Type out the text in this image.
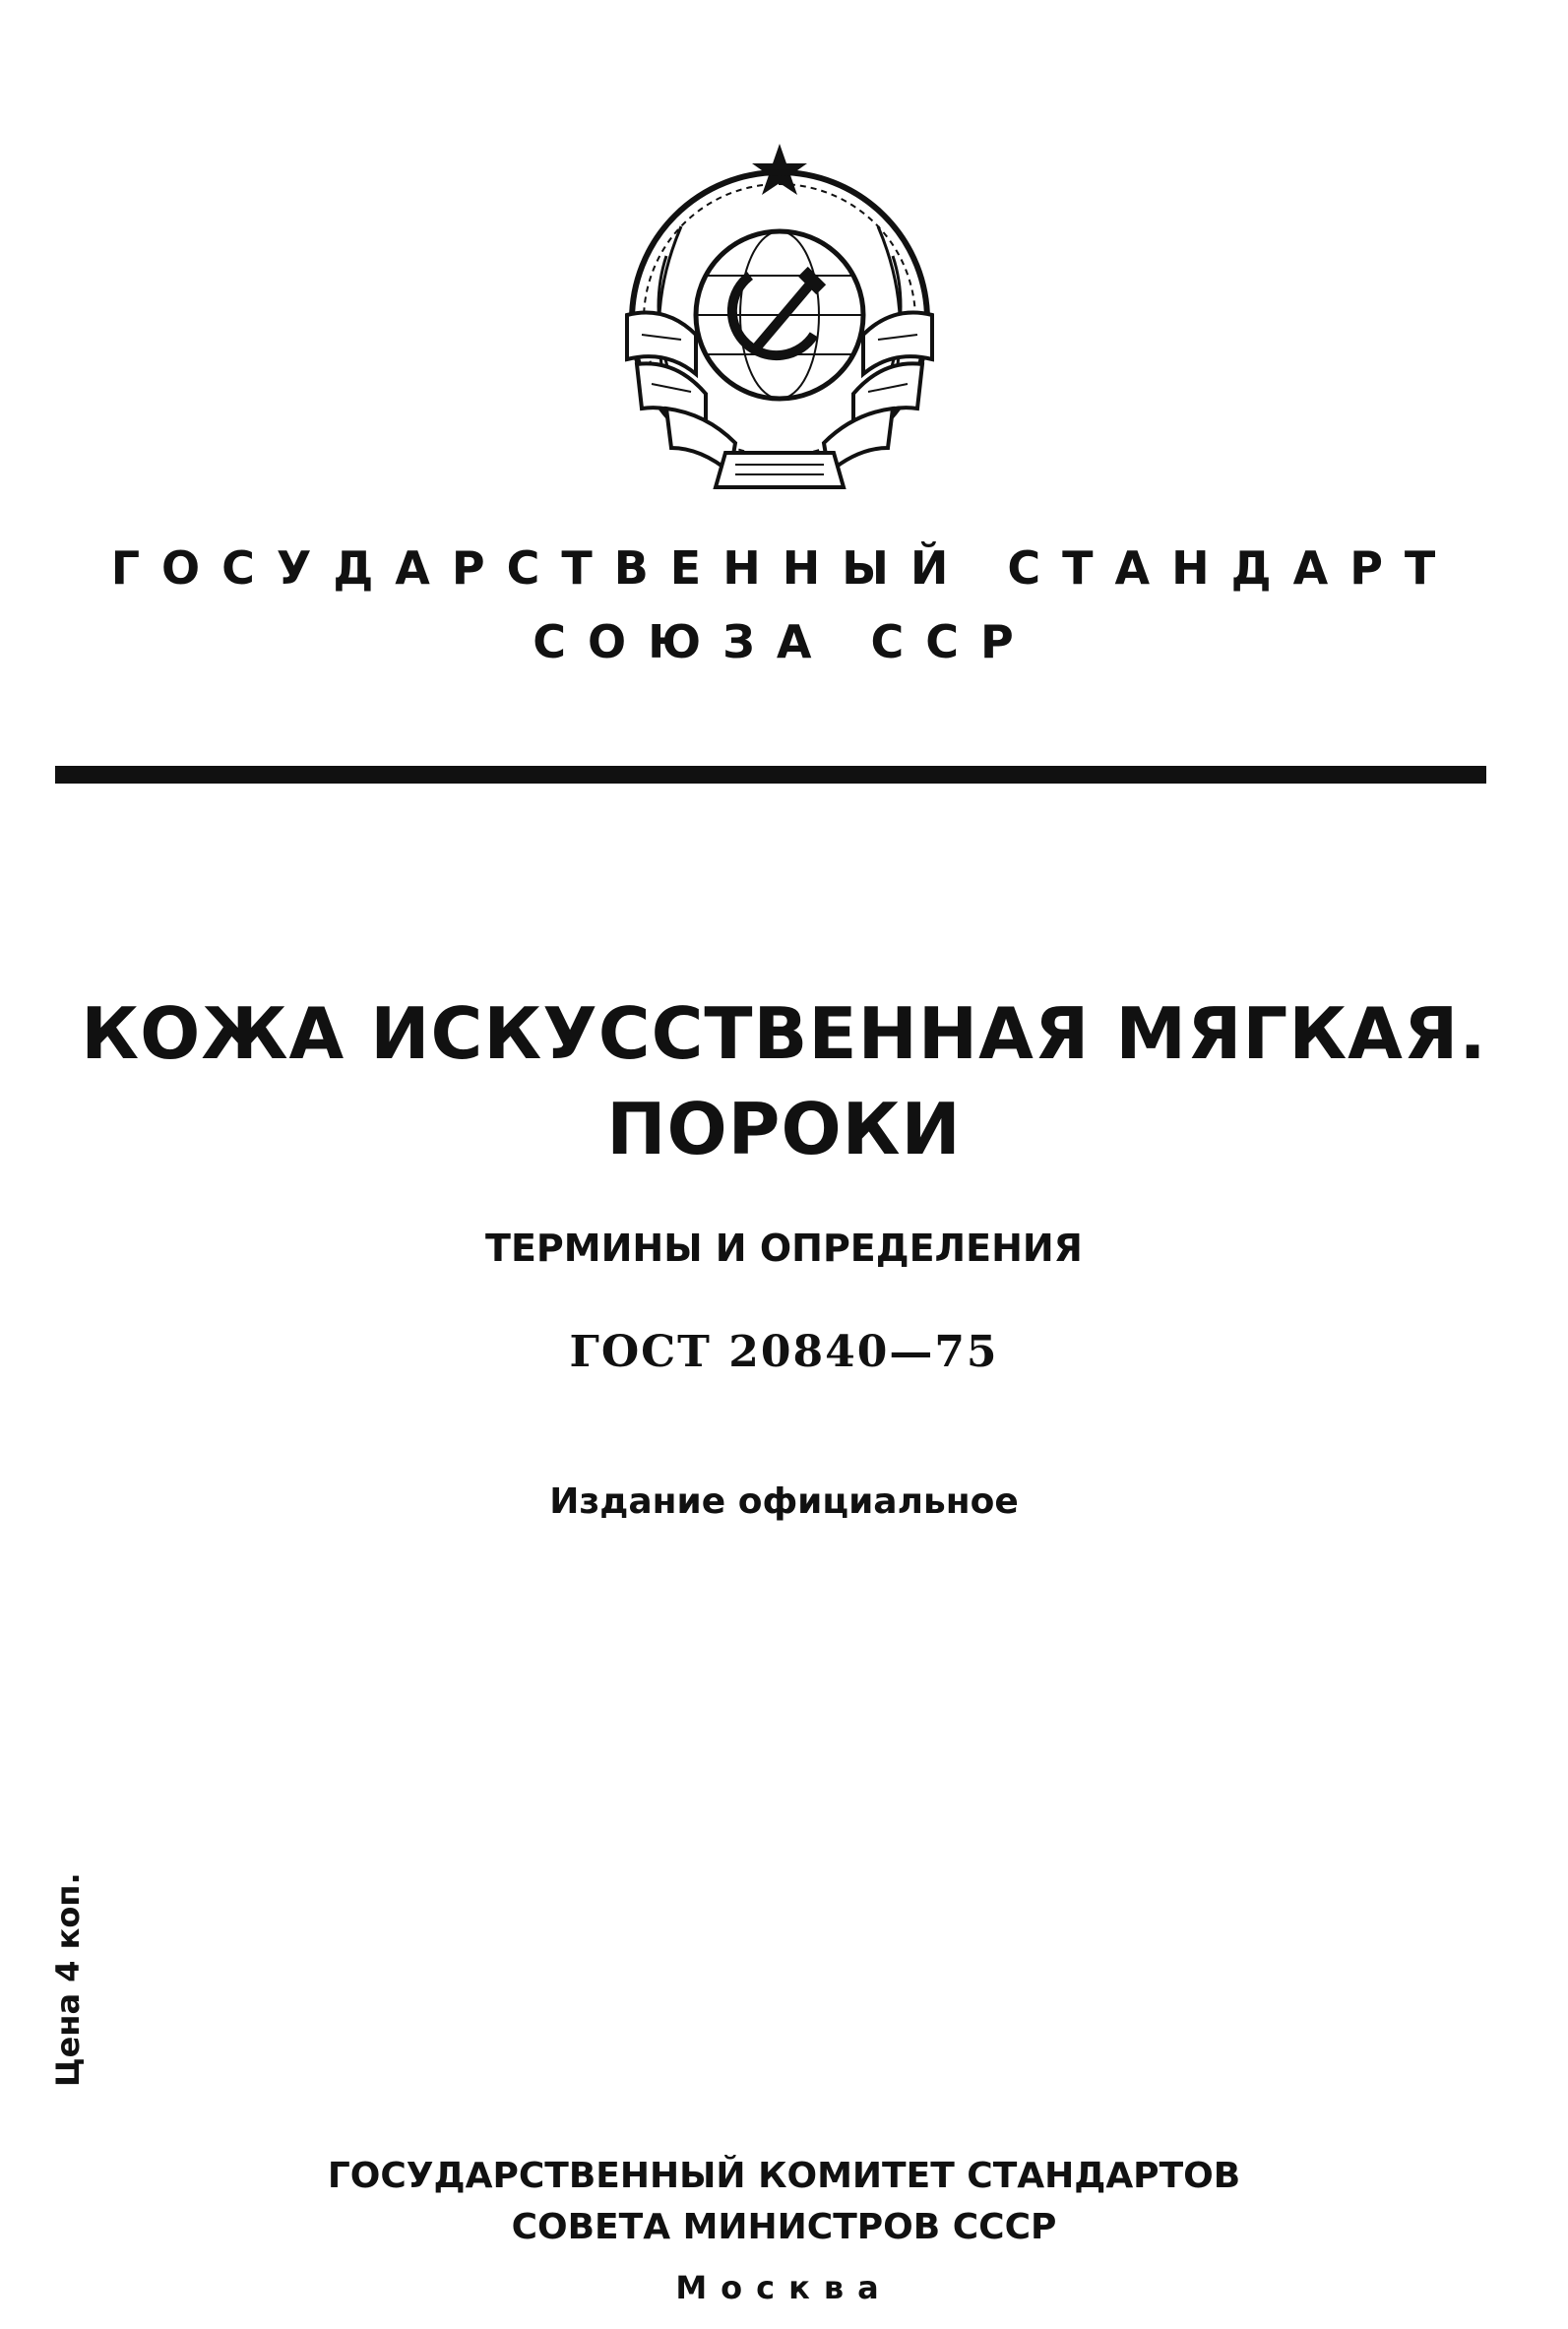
ГОСУДАРСТВЕННЫЙ СТАНДАРТ
СОЮЗА ССР
КОЖА ИСКУССТВЕННАЯ МЯГКАЯ.
ПОРОКИ
ТЕРМИНЫ И ОПРЕДЕЛЕНИЯ
ГОСТ 20840—75
Издание официальное
Цена 4 коп.
ГОСУДАРСТВЕННЫЙ КОМИТЕТ СТАНДАРТОВ
СОВЕТА МИНИСТРОВ СССР
Москва
